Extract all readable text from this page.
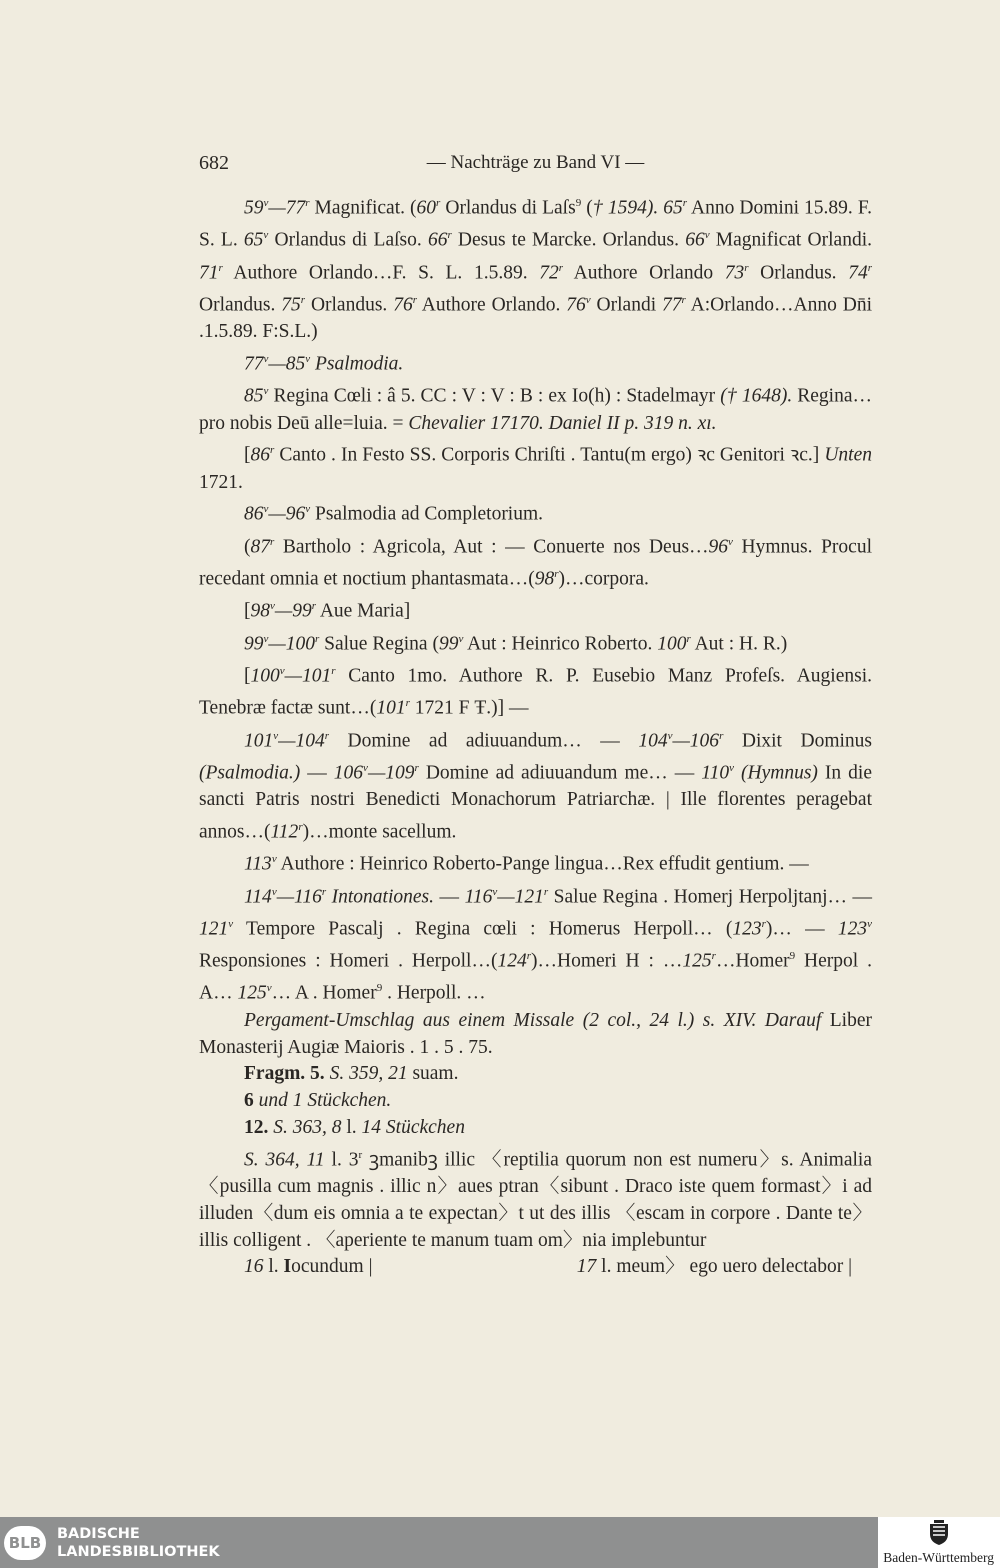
682	— Nachträge zu Band VI —

59$^v$—77$^r$ Magnificat. (60$^r$ Orlandus di Laſs$^9$ († 1594). 65$^r$ Anno Domini 15.89. F. S. L. 65$^v$ Orlandus di Laſso. 66$^r$ Desus te Marcke. Orlandus. 66$^v$ Magnificat Orlandi. 71$^r$ Authore Orlando…F. S. L. 1.5.89. 72$^r$ Authore Orlando 73$^r$ Orlandus. 74$^r$ Orlandus. 75$^r$ Orlandus. 76$^r$ Authore Orlando. 76$^v$ Orlandi 77$^r$ A:Orlando…Anno Dn̄i .1.5.89. F:S.L.)

77$^v$—85$^v$ Psalmodia.

85$^v$ Regina Cœli : â 5. CC : V : V : B : ex Io(h) : Stadelmayr († 1648). Regina…pro nobis Deū alle=luia. = Chevalier 17170. Daniel II p. 319 n. xı.

[86$^r$ Canto . In Festo SS. Corporis Chriſti . Tantu(m ergo) ꝛc Genitori ꝛc.] Unten 1721.

86$^v$—96$^v$ Psalmodia ad Completorium.

(87$^r$ Bartholo : Agricola, Aut : — Conuerte nos Deus…96$^v$ Hymnus. Procul recedant omnia et noctium phantasmata…(98$^r$)…corpora.

[98$^v$—99$^r$ Aue Maria]

99$^v$—100$^r$ Salue Regina (99$^v$ Aut : Heinrico Roberto. 100$^r$ Aut : H. R.)

[100$^v$—101$^r$ Canto 1mo. Authore R. P. Eusebio Manz Profeſs. Augiensi. Tenebræ factæ sunt…(101$^r$ 1721 F Ŧ.)] —

101$^v$—104$^r$ Domine ad adiuuandum… — 104$^v$—106$^r$ Dixit Dominus (Psalmodia.) — 106$^v$—109$^r$ Domine ad adiuuandum me… — 110$^v$ (Hymnus) In die sancti Patris nostri Benedicti Monachorum Patriarchæ. | Ille florentes peragebat annos…(112$^r$)…monte sacellum.

113$^v$ Authore : Heinrico Roberto-Pange lingua…Rex effudit gentium. —

114$^v$—116$^r$ Intonationes. — 116$^v$—121$^r$ Salue Regina . Homerj Herpoljtanj… — 121$^v$ Tempore Pascalj . Regina cœli : Homerus Herpoll… (123$^r$)… — 123$^v$ Responsiones : Homeri . Herpoll…(124$^r$)…Homeri H : …125$^r$…Homer$^9$ Herpol . A… 125$^v$… A . Homer$^9$ . Herpoll. …

Pergament-Umschlag aus einem Missale (2 col., 24 l.) s. XIV. Darauf Liber Monasterij Augiæ Maioris . 1 . 5 . 75.

Fragm. 5. S. 359, 21 suam.

6 und 1 Stückchen.

12. S. 363, 8 l. 14 Stückchen

S. 364, 11 l. 3$^r$ ꝫmanibꝫ illic 〈reptilia quorum non est numeru〉s. Animalia 〈pusilla cum magnis . illic n〉aues ptran〈sibunt . Draco iste quem formast〉i ad illuden〈dum eis omnia a te expectan〉t ut des illis 〈escam in corpore . Dante te〉 illis colligent . 〈aperiente te manum tuam om〉nia implebuntur

16 l. Iocundum |	17 l. meum〉 ego uero delectabor |
BLB	BADISCHE
LANDESBIBLIOTHEK	Baden-Württemberg
